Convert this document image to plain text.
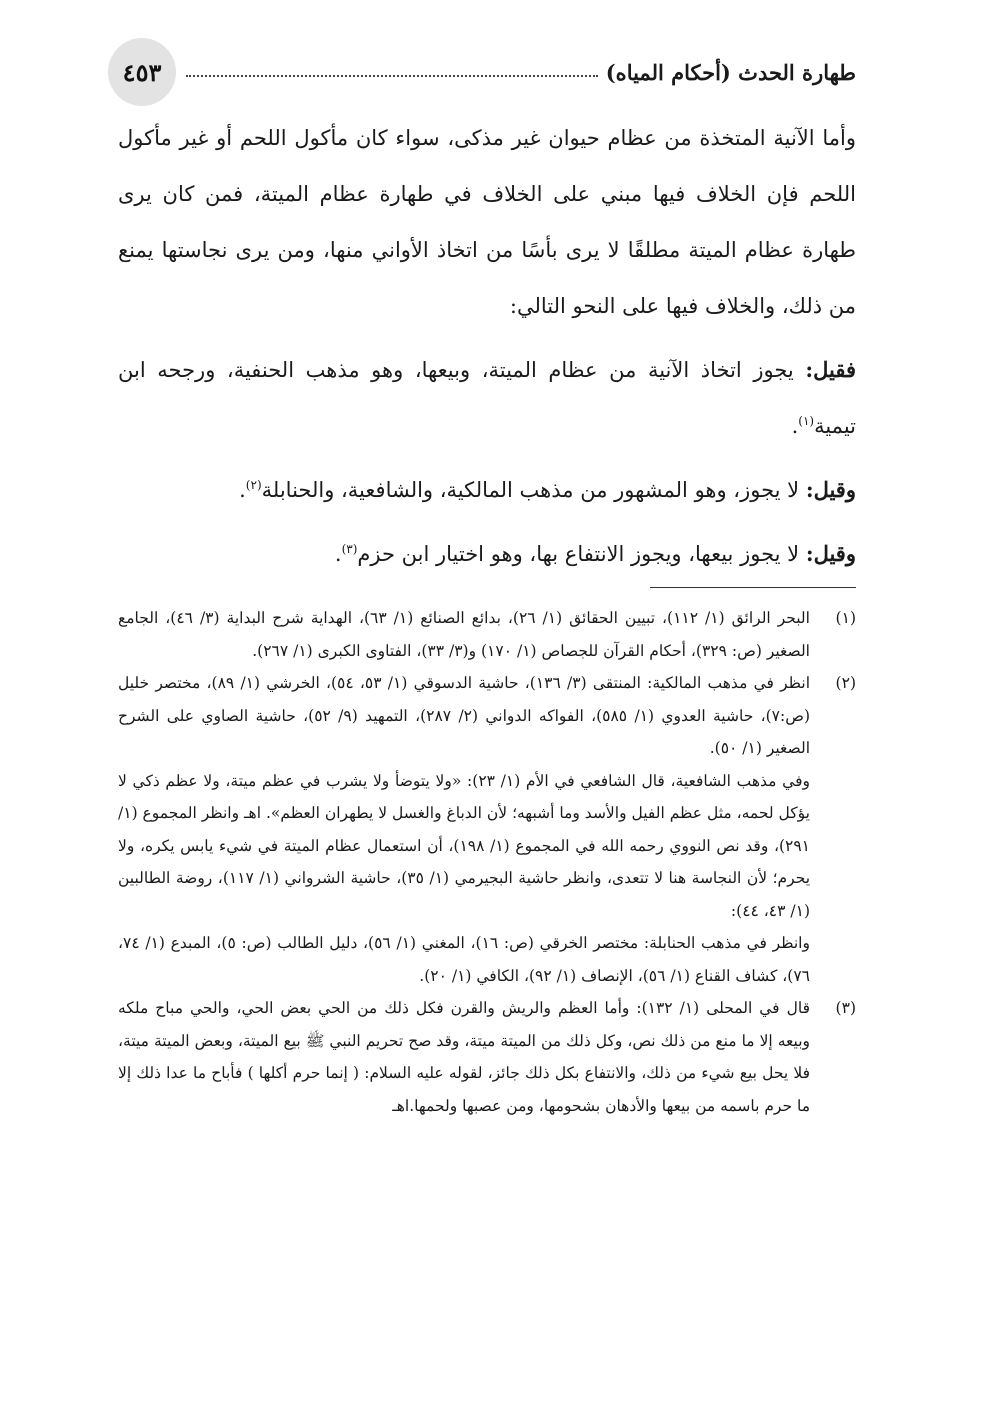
٤٥٣	طهارة الحدث (أحكام المياه)

وأما الآنية المتخذة من عظام حيوان غير مذكى، سواء كان مأكول اللحم أو غير مأكول اللحم فإن الخلاف فيها مبني على الخلاف في طهارة عظام الميتة، فمن كان يرى طهارة عظام الميتة مطلقًا لا يرى بأسًا من اتخاذ الأواني منها، ومن يرى نجاستها يمنع من ذلك، والخلاف فيها على النحو التالي:

فقيل: يجوز اتخاذ الآنية من عظام الميتة، وبيعها، وهو مذهب الحنفية، ورجحه ابن تيمية$^{(١)}$.

وقيل: لا يجوز، وهو المشهور من مذهب المالكية، والشافعية، والحنابلة$^{(٢)}$.

وقيل: لا يجوز بيعها، ويجوز الانتفاع بها، وهو اختيار ابن حزم$^{(٣)}$.

(١)

البحر الرائق (١/ ١١٢)، تبيين الحقائق (١/ ٢٦)، بدائع الصنائع (١/ ٦٣)، الهداية شرح البداية (٣/ ٤٦)، الجامع الصغير (ص: ٣٢٩)، أحكام القرآن للجصاص (١/ ١٧٠) و(٣/ ٣٣)، الفتاوى الكبرى (١/ ٢٦٧).

(٢)

انظر في مذهب المالكية: المنتقى (٣/ ١٣٦)، حاشية الدسوقي (١/ ٥٣، ٥٤)، الخرشي (١/ ٨٩)، مختصر خليل (ص:٧)، حاشية العدوي (١/ ٥٨٥)، الفواكه الدواني (٢/ ٢٨٧)، التمهيد (٩/ ٥٢)، حاشية الصاوي على الشرح الصغير (١/ ٥٠).

وفي مذهب الشافعية، قال الشافعي في الأم (١/ ٢٣): «ولا يتوضأ ولا يشرب في عظم ميتة، ولا عظم ذكي لا يؤكل لحمه، مثل عظم الفيل والأسد وما أشبهه؛ لأن الدباغ والغسل لا يطهران العظم». اهـ وانظر المجموع (١/ ٢٩١)، وقد نص النووي رحمه الله في المجموع (١/ ١٩٨)، أن استعمال عظام الميتة في شيء يابس يكره، ولا يحرم؛ لأن النجاسة هنا لا تتعدى، وانظر حاشية البجيرمي (١/ ٣٥)، حاشية الشرواني (١/ ١١٧)، روضة الطالبين (١/ ٤٣، ٤٤):

وانظر في مذهب الحنابلة: مختصر الخرقي (ص: ١٦)، المغني (١/ ٥٦)، دليل الطالب (ص: ٥)، المبدع (١/ ٧٤، ٧٦)، كشاف القناع (١/ ٥٦)، الإنصاف (١/ ٩٢)، الكافي (١/ ٢٠).

(٣)

قال في المحلى (١/ ١٣٢): وأما العظم والريش والقرن فكل ذلك من الحي بعض الحي، والحي مباح ملكه وبيعه إلا ما منع من ذلك نص، وكل ذلك من الميتة ميتة، وقد صح تحريم النبي ﷺ بيع الميتة، وبعض الميتة ميتة، فلا يحل بيع شيء من ذلك، والانتفاع بكل ذلك جائز، لقوله عليه السلام: ( إنما حرم أكلها ) فأباح ما عدا ذلك إلا ما حرم باسمه من بيعها والأدهان بشحومها، ومن عصبها ولحمها.اهـ
